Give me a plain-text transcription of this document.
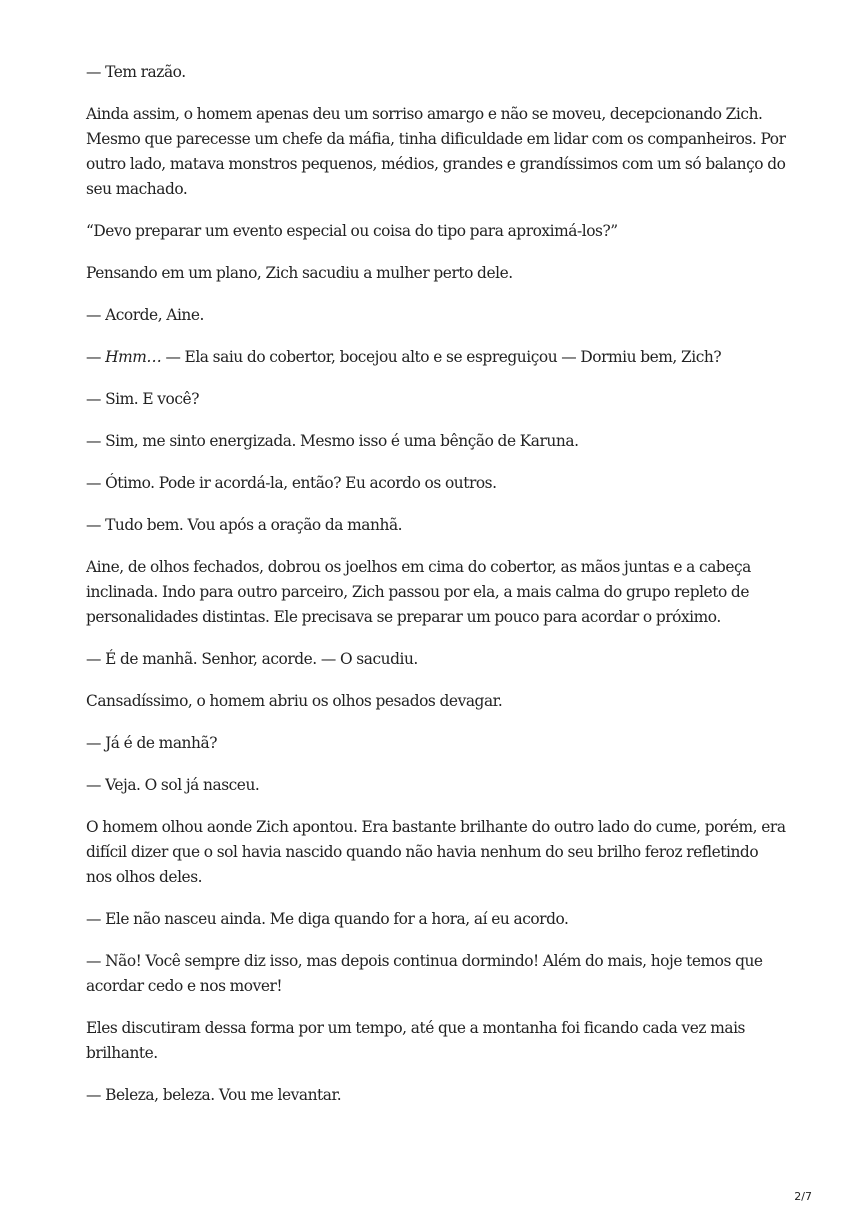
— Tem razão.

Ainda assim, o homem apenas deu um sorriso amargo e não se moveu, decepcionando Zich. Mesmo que parecesse um chefe da máfia, tinha dificuldade em lidar com os companheiros. Por outro lado, matava monstros pequenos, médios, grandes e grandíssimos com um só balanço do seu machado.

“Devo preparar um evento especial ou coisa do tipo para aproximá-los?”

Pensando em um plano, Zich sacudiu a mulher perto dele.

— Acorde, Aine.

— Hmm… — Ela saiu do cobertor, bocejou alto e se espreguiçou — Dormiu bem, Zich?

— Sim. E você?

— Sim, me sinto energizada. Mesmo isso é uma bênção de Karuna.

— Ótimo. Pode ir acordá-la, então? Eu acordo os outros.

— Tudo bem. Vou após a oração da manhã.

Aine, de olhos fechados, dobrou os joelhos em cima do cobertor, as mãos juntas e a cabeça inclinada. Indo para outro parceiro, Zich passou por ela, a mais calma do grupo repleto de personalidades distintas. Ele precisava se preparar um pouco para acordar o próximo.

— É de manhã. Senhor, acorde. — O sacudiu.

Cansadíssimo, o homem abriu os olhos pesados devagar.

— Já é de manhã?

— Veja. O sol já nasceu.

O homem olhou aonde Zich apontou. Era bastante brilhante do outro lado do cume, porém, era difícil dizer que o sol havia nascido quando não havia nenhum do seu brilho feroz refletindo nos olhos deles.

— Ele não nasceu ainda. Me diga quando for a hora, aí eu acordo.

— Não! Você sempre diz isso, mas depois continua dormindo! Além do mais, hoje temos que acordar cedo e nos mover!

Eles discutiram dessa forma por um tempo, até que a montanha foi ficando cada vez mais brilhante.

— Beleza, beleza. Vou me levantar.

2/7
